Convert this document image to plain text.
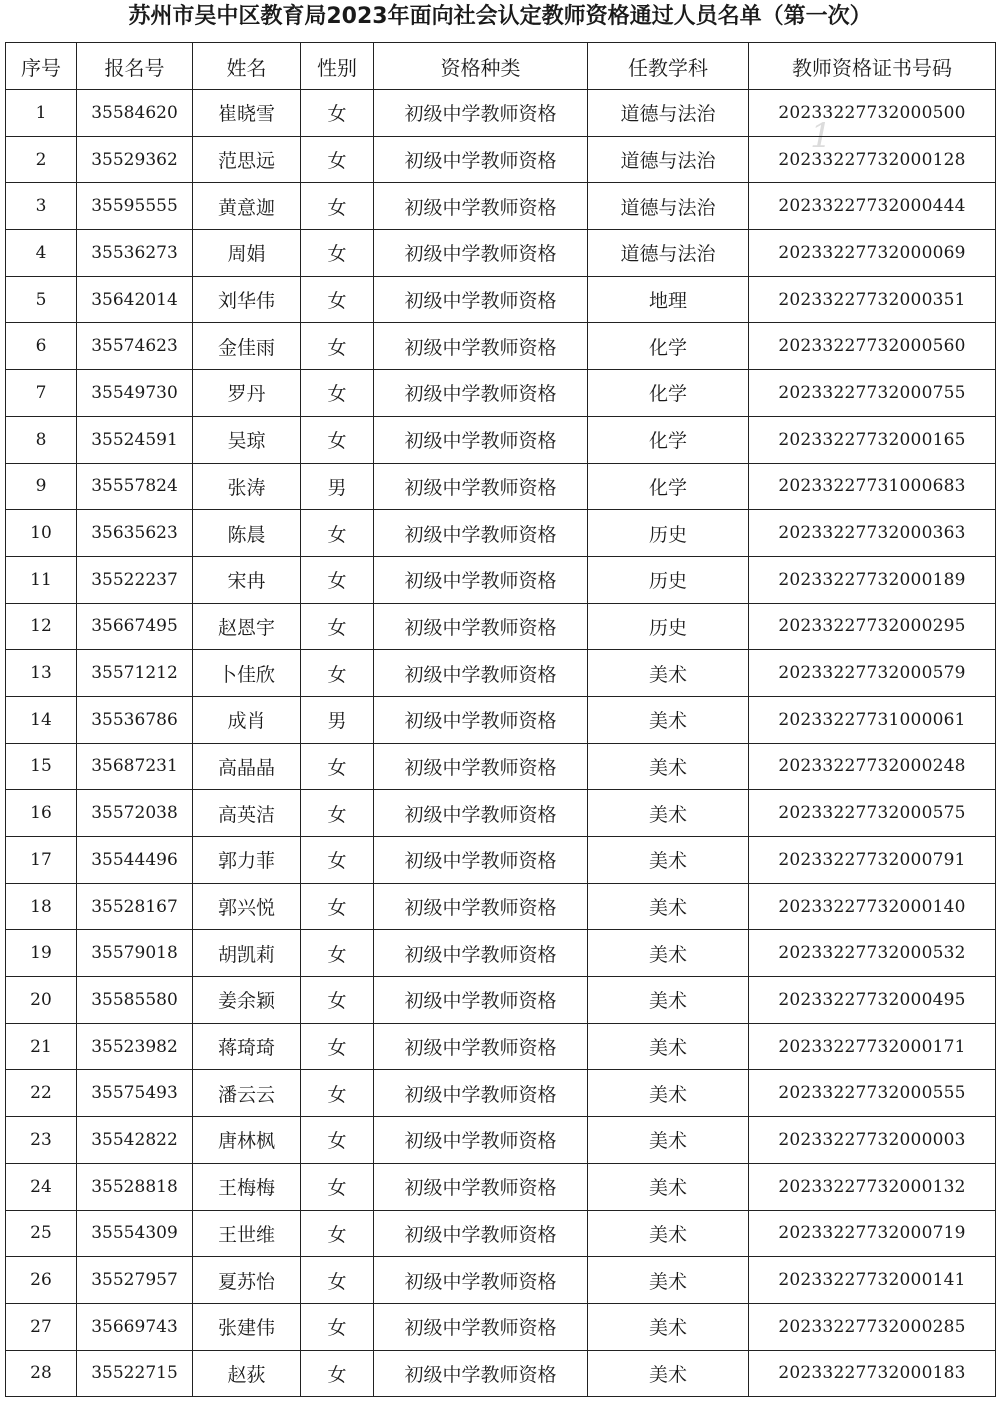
苏州市吴中区教育局2023年面向社会认定教师资格通过人员名单（第一次）
1
序号	报名号	姓名	性别	资格种类	任教学科	教师资格证书号码
1	35584620	崔晓雪	女	初级中学教师资格	道德与法治	20233227732000500
2	35529362	范思远	女	初级中学教师资格	道德与法治	20233227732000128
3	35595555	黄意迦	女	初级中学教师资格	道德与法治	20233227732000444
4	35536273	周娟	女	初级中学教师资格	道德与法治	20233227732000069
5	35642014	刘华伟	女	初级中学教师资格	地理	20233227732000351
6	35574623	金佳雨	女	初级中学教师资格	化学	20233227732000560
7	35549730	罗丹	女	初级中学教师资格	化学	20233227732000755
8	35524591	吴琼	女	初级中学教师资格	化学	20233227732000165
9	35557824	张涛	男	初级中学教师资格	化学	20233227731000683
10	35635623	陈晨	女	初级中学教师资格	历史	20233227732000363
11	35522237	宋冉	女	初级中学教师资格	历史	20233227732000189
12	35667495	赵恩宇	女	初级中学教师资格	历史	20233227732000295
13	35571212	卜佳欣	女	初级中学教师资格	美术	20233227732000579
14	35536786	成肖	男	初级中学教师资格	美术	20233227731000061
15	35687231	高晶晶	女	初级中学教师资格	美术	20233227732000248
16	35572038	高英洁	女	初级中学教师资格	美术	20233227732000575
17	35544496	郭力菲	女	初级中学教师资格	美术	20233227732000791
18	35528167	郭兴悦	女	初级中学教师资格	美术	20233227732000140
19	35579018	胡凯莉	女	初级中学教师资格	美术	20233227732000532
20	35585580	姜余颖	女	初级中学教师资格	美术	20233227732000495
21	35523982	蒋琦琦	女	初级中学教师资格	美术	20233227732000171
22	35575493	潘云云	女	初级中学教师资格	美术	20233227732000555
23	35542822	唐林枫	女	初级中学教师资格	美术	20233227732000003
24	35528818	王梅梅	女	初级中学教师资格	美术	20233227732000132
25	35554309	王世维	女	初级中学教师资格	美术	20233227732000719
26	35527957	夏苏怡	女	初级中学教师资格	美术	20233227732000141
27	35669743	张建伟	女	初级中学教师资格	美术	20233227732000285
28	35522715	赵荻	女	初级中学教师资格	美术	20233227732000183
